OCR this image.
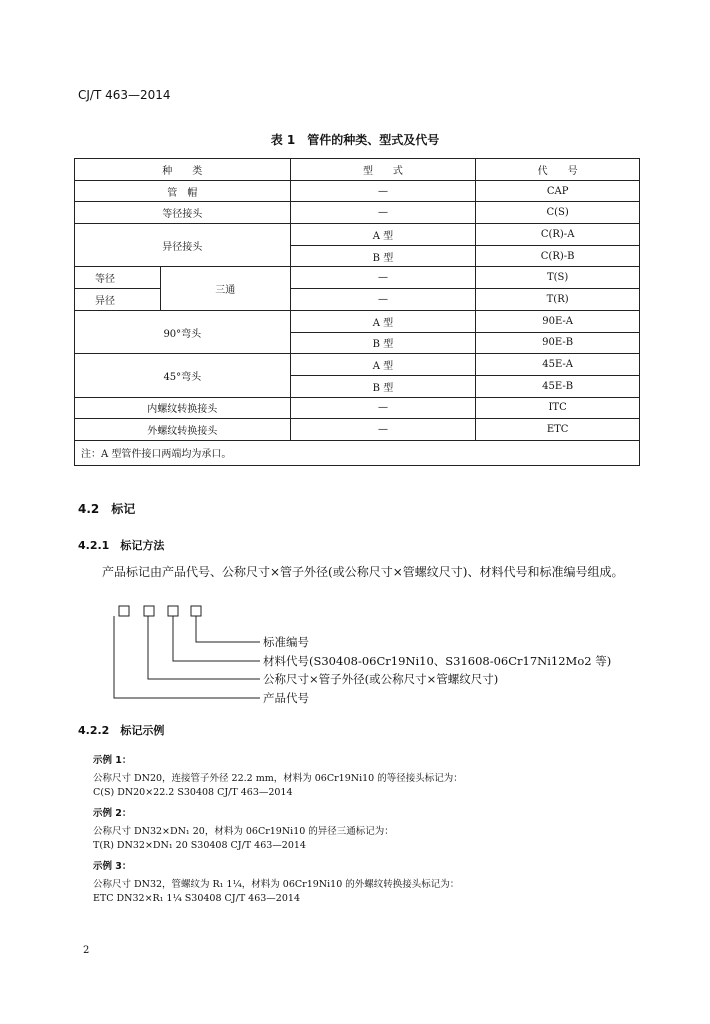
CJ/T 463—2014
表 1　管件的种类、型式及代号
种　　类		型　　式	代　　号
管　帽		—	CAP
等径接头		—	C(S)
异径接头		A 型	C(R)-A
		B 型	C(R)-B
等径	三通	—	T(S)
异径		—	T(R)
90°弯头		A 型	90E-A
		B 型	90E-B
45°弯头		A 型	45E-A
		B 型	45E-B
内螺纹转换接头		—	ITC
外螺纹转换接头		—	ETC
注：A 型管件接口两端均为承口。			
4.2　标记
4.2.1　标记方法
产品标记由产品代号、公称尺寸×管子外径(或公称尺寸×管螺纹尺寸)、材料代号和标准编号组成。
标准编号
材料代号(S30408-06Cr19Ni10、S31608-06Cr17Ni12Mo2 等)
公称尺寸×管子外径(或公称尺寸×管螺纹尺寸)
产品代号
4.2.2　标记示例
示例 1：
公称尺寸 DN20，连接管子外径 22.2 mm，材料为 06Cr19Ni10 的等径接头标记为：
C(S) DN20×22.2 S30408 CJ/T 463—2014
示例 2：
公称尺寸 DN32×DN₁ 20，材料为 06Cr19Ni10 的异径三通标记为：
T(R) DN32×DN₁ 20 S30408 CJ/T 463—2014
示例 3：
公称尺寸 DN32，管螺纹为 R₁ 1¼，材料为 06Cr19Ni10 的外螺纹转换接头标记为：
ETC DN32×R₁ 1¼ S30408 CJ/T 463—2014
2
